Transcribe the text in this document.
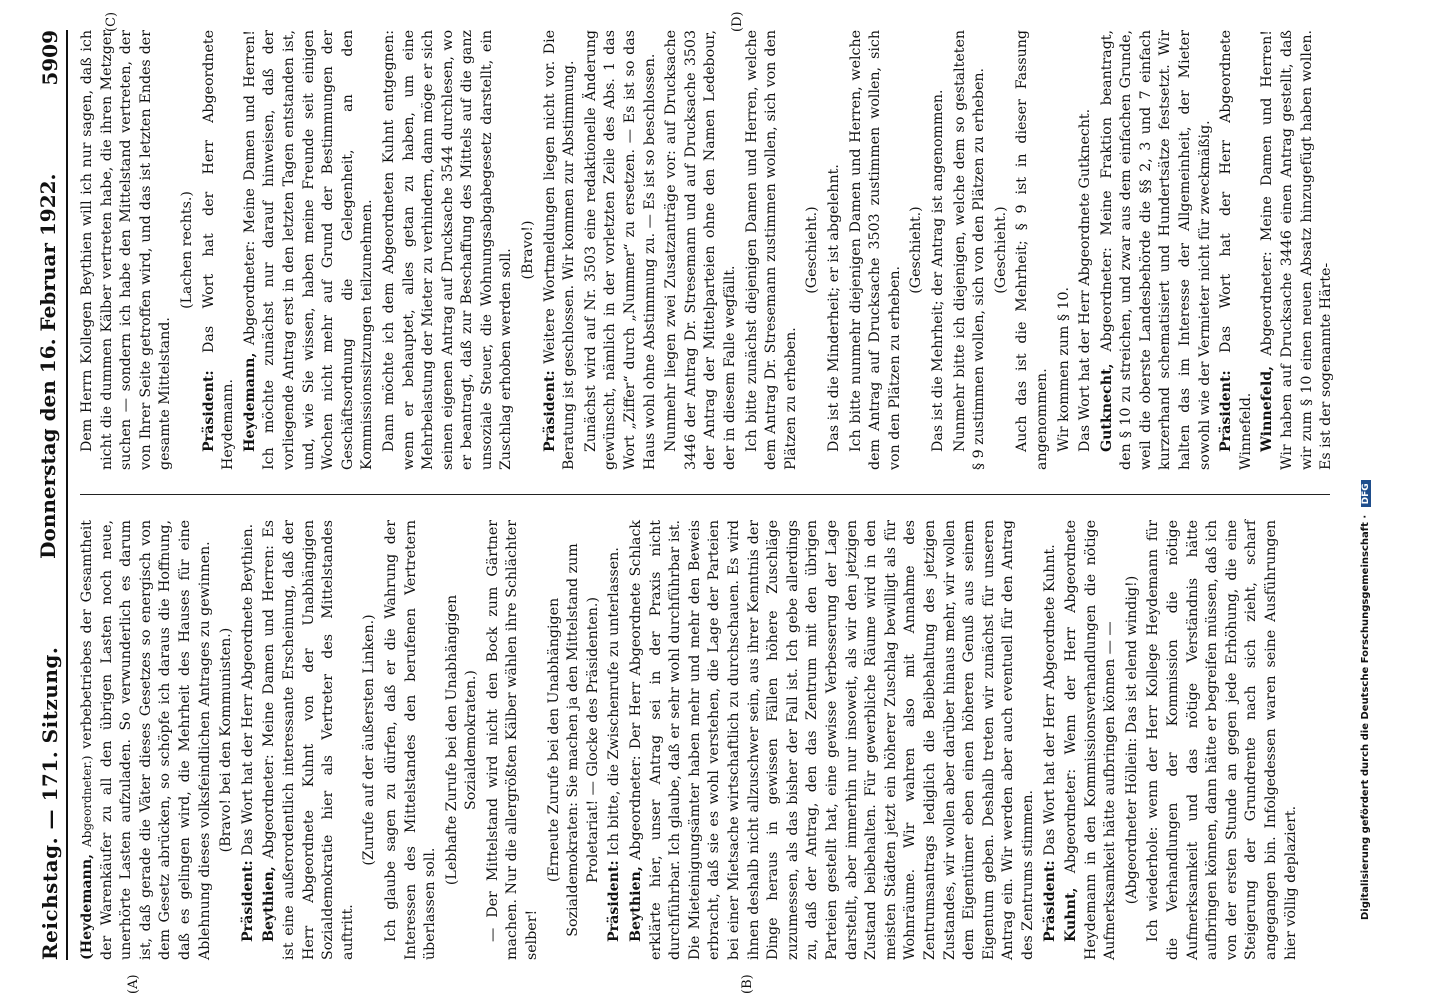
Reichstag. — 171. Sitzung.
Donnerstag den 16. Februar 1922.
5909
(A)	(B)
(C)	(D)

(Heydemann, Abgeordneter.) verbebetriebes der Gesamtheit der Warenkäufer zu all den übrigen Lasten noch neue, unerhörte Lasten aufzuladen. So verwunderlich es darum ist, daß gerade die Väter dieses Gesetzes so energisch von dem Gesetz abrücken, so schöpfe ich daraus die Hoffnung, daß es gelingen wird, die Mehrheit des Hauses für eine Ablehnung dieses volksfeindlichen Antrages zu gewinnen. (Bravo! bei den Kommunisten.)

Präsident: Das Wort hat der Herr Abgeordnete Beythien.

Beythien, Abgeordneter: Meine Damen und Herren: Es ist eine außerordentlich interessante Erscheinung, daß der Herr Abgeordnete Kuhnt von der Unabhängigen Sozialdemokratie hier als Vertreter des Mittelstandes auftritt.

(Zurufe auf der äußersten Linken.) Ich glaube sagen zu dürfen, daß er die Wahrung der Interessen des Mittelstandes den berufenen Vertretern überlassen soll.

(Lebhafte Zurufe bei den Unabhängigen Sozialdemokraten.) — Der Mittelstand wird nicht den Bock zum Gärtner machen. Nur die allergrößten Kälber wählen ihre Schlächter selber!

(Erneute Zurufe bei den Unabhängigen Sozialdemokraten: Sie machen ja den Mittelstand zum Proletariat! — Glocke des Präsidenten.)

Präsident: Ich bitte, die Zwischenrufe zu unterlassen.

Beythien, Abgeordneter: Der Herr Abgeordnete Schlack erklärte hier, unser Antrag sei in der Praxis nicht durchführbar. Ich glaube, daß er sehr wohl durchführbar ist. Die Mieteinigungsämter haben mehr und mehr den Beweis erbracht, daß sie es wohl verstehen, die Lage der Parteien bei einer Mietsache wirtschaftlich zu durchschauen. Es wird ihnen deshalb nicht allzuschwer sein, aus ihrer Kenntnis der Dinge heraus in gewissen Fällen höhere Zuschläge zuzumessen, als das bisher der Fall ist. Ich gebe allerdings zu, daß der Antrag, den das Zentrum mit den übrigen Parteien gestellt hat, eine gewisse Verbesserung der Lage darstellt, aber immerhin nur insoweit, als wir den jetzigen Zustand beibehalten. Für gewerbliche Räume wird in den meisten Städten jetzt ein höherer Zuschlag bewilligt als für Wohnräume. Wir wahren also mit Annahme des Zentrumsantrags lediglich die Beibehaltung des jetzigen Zustandes, wir wollen aber darüber hinaus mehr, wir wollen dem Eigentümer eben einen höheren Genuß aus seinem Eigentum geben. Deshalb treten wir zunächst für unseren Antrag ein. Wir werden aber auch eventuell für den Antrag des Zentrums stimmen. Präsident: Das Wort hat der Herr Abgeordnete Kuhnt.

Kuhnt, Abgeordneter: Wenn der Herr Abgeordnete Heydemann in den Kommissionsverhandlungen die nötige Aufmerksamkeit hätte aufbringen können — — (Abgeordneter Höllein: Das ist elend windig!) Ich wiederhole: wenn der Herr Kollege Heydemann für die Verhandlungen der Kommission die nötige Aufmerksamkeit und das nötige Verständnis hätte aufbringen können, dann hätte er begreifen müssen, daß ich von der ersten Stunde an gegen jede Erhöhung, die eine Steigerung der Grundrente nach sich zieht, scharf angegangen bin. Infolgedessen waren seine Ausführungen hier völlig deplaziert.

Dem Herrn Kollegen Beythien will ich nur sagen, daß ich nicht die dummen Kälber vertreten habe, die ihren Metzger suchen — sondern ich habe den Mittelstand vertreten, der von Ihrer Seite getroffen wird, und das ist letzten Endes der gesamte Mittelstand.

(Lachen rechts.)

Präsident: Das Wort hat der Herr Abgeordnete Heydemann. Heydemann, Abgeordneter: Meine Damen und Herren! Ich möchte zunächst nur darauf hinweisen, daß der vorliegende Antrag erst in den letzten Tagen entstanden ist, und, wie Sie wissen, haben meine Freunde seit einigen Wochen nicht mehr auf Grund der Bestimmungen der Geschäftsordnung die Gelegenheit, an den Kommissionssitzungen teilzunehmen. Dann möchte ich dem Abgeordneten Kuhnt entgegnen: wenn er behauptet, alles getan zu haben, um eine Mehrbelastung der Mieter zu verhindern, dann möge er sich seinen eigenen Antrag auf Drucksache 3544 durchlesen, wo er beantragt, daß zur Beschaffung des Mittels auf die ganz unsoziale Steuer, die Wohnungsabgabegesetz darstellt, ein Zuschlag erhoben werden soll. (Bravo!)

Präsident: Weitere Wortmeldungen liegen nicht vor. Die Beratung ist geschlossen. Wir kommen zur Abstimmung. Zunächst wird auf Nr. 3503 eine redaktionelle Änderung gewünscht, nämlich in der vorletzten Zeile des Abs. 1 das Wort „Ziffer“ durch „Nummer“ zu ersetzen. — Es ist so das Haus wohl ohne Abstimmung zu. — Es ist so beschlossen. Nunmehr liegen zwei Zusatzanträge vor: auf Drucksache 3446 der Antrag Dr. Stresemann und auf Drucksache 3503 der Antrag der Mittelparteien ohne den Namen Ledebour, der in diesem Falle wegfällt. Ich bitte zunächst diejenigen Damen und Herren, welche dem Antrag Dr. Stresemann zustimmen wollen, sich von den Plätzen zu erheben.

(Geschieht.) Das ist die Minderheit; er ist abgelehnt. Ich bitte nunmehr diejenigen Damen und Herren, welche dem Antrag auf Drucksache 3503 zustimmen wollen, sich von den Plätzen zu erheben.

(Geschieht.) Das ist die Mehrheit; der Antrag ist angenommen. Nunmehr bitte ich diejenigen, welche dem so gestalteten § 9 zustimmen wollen, sich von den Plätzen zu erheben. (Geschieht.) Auch das ist die Mehrheit; § 9 ist in dieser Fassung angenommen. Wir kommen zum § 10. Das Wort hat der Herr Abgeordnete Gutknecht. Gutknecht, Abgeordneter: Meine Fraktion beantragt, den § 10 zu streichen, und zwar aus dem einfachen Grunde, weil die oberste Landesbehörde die §§ 2, 3 und 7 einfach kurzerhand schematisiert und Hundertsätze festsetzt. Wir halten das im Interesse der Allgemeinheit, der Mieter sowohl wie der Vermieter nicht für zweckmäßig. Präsident: Das Wort hat der Herr Abgeordnete Winnefeld. Winnefeld, Abgeordneter: Meine Damen und Herren! Wir haben auf Drucksache 3446 einen Antrag gestellt, daß wir zum § 10 einen neuen Absatz hinzugefügt haben wollen. Es ist der sogenannte Härte-

Digitalisierung gefördert durch die Deutsche Forschungsgemeinschaft · DFG
